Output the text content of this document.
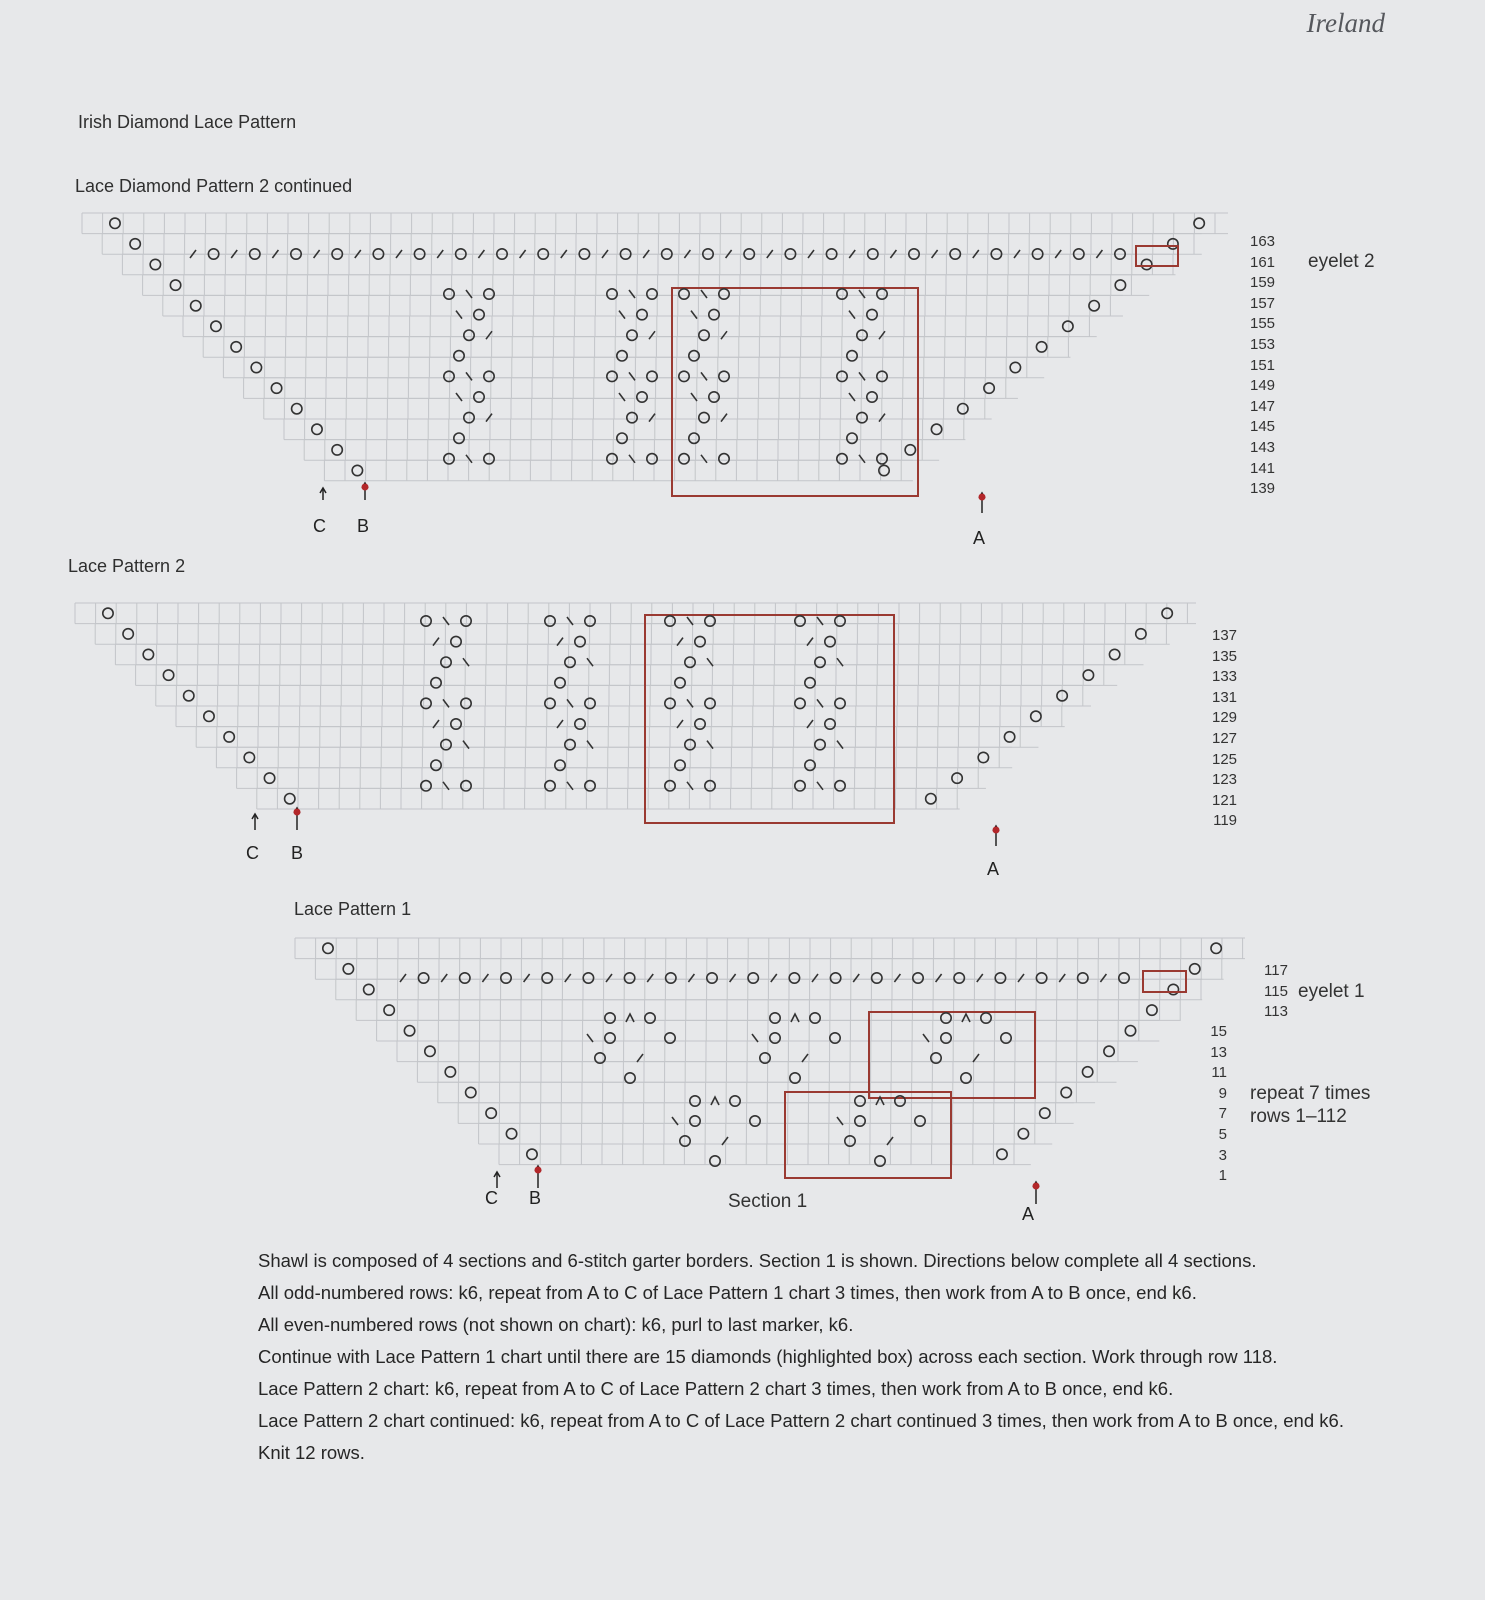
Ireland
Irish Diamond Lace Pattern
Lace Diamond Pattern 2 continued
163
161
159
157
155
153
151
149
147
145
143
141
139
eyelet 2
C B
A
Lace Pattern 2
137
135
133
131
129
127
125
123
121
119
C B
A
Lace Pattern 1
117
115
113
15
13
11
9
7
5
3
1
eyelet 1
repeat 7 times
rows 1–112
C B
A
Section 1

Shawl is composed of 4 sections and 6-stitch garter borders. Section 1 is shown. Directions below complete all 4 sections.

All odd-numbered rows: k6, repeat from A to C of Lace Pattern 1 chart 3 times, then work from A to B once, end k6.

All even-numbered rows (not shown on chart): k6, purl to last marker, k6.

Continue with Lace Pattern 1 chart until there are 15 diamonds (highlighted box) across each section. Work through row 118.

Lace Pattern 2 chart: k6, repeat from A to C of Lace Pattern 2 chart 3 times, then work from A to B once, end k6.

Lace Pattern 2 chart continued: k6, repeat from A to C of Lace Pattern 2 chart continued 3 times, then work from A to B once, end k6.

Knit 12 rows.
